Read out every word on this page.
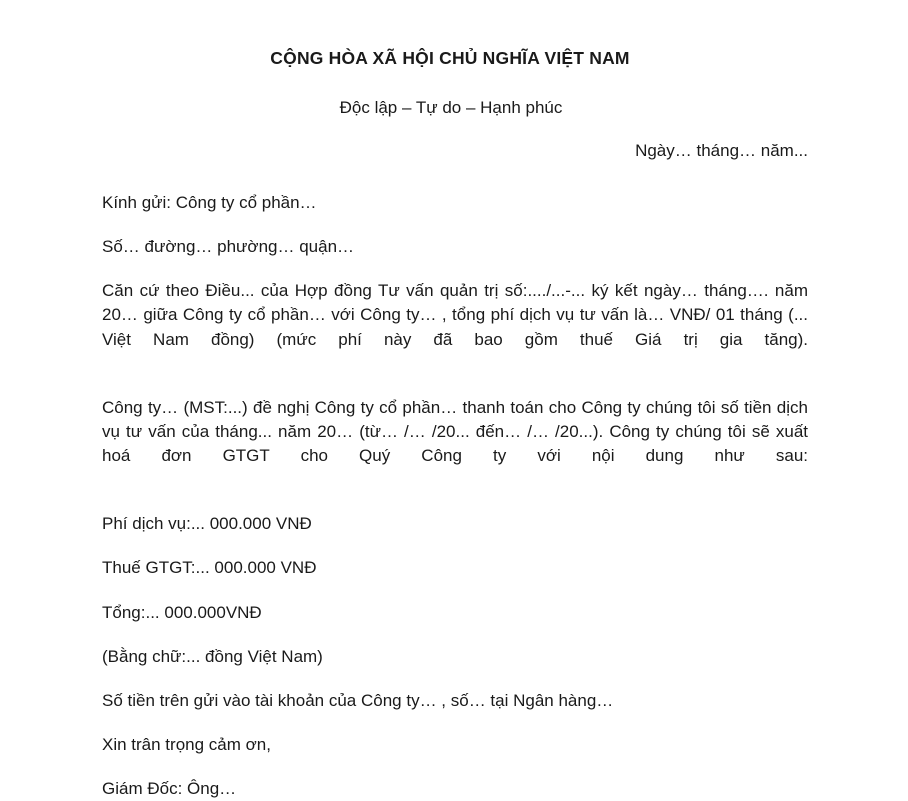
CỘNG HÒA XÃ HỘI CHỦ NGHĨA VIỆT NAM

Độc lập – Tự do – Hạnh phúc

Ngày… tháng… năm...

Kính gửi: Công ty cổ phần…

Số… đường… phường… quận…

Căn cứ theo Điều... của Hợp đồng Tư vấn quản trị số:..../...-... ký kết ngày… tháng…. năm 20… giữa Công ty cổ phần… với Công ty… , tổng phí dịch vụ tư vấn là… VNĐ/ 01 tháng (... Việt Nam đồng) (mức phí này đã bao gồm thuế Giá trị gia tăng).

Công ty… (MST:...) đề nghị Công ty cổ phần… thanh toán cho Công ty chúng tôi số tiền dịch vụ tư vấn của tháng... năm 20… (từ… /… /20... đến… /… /20...). Công ty chúng tôi sẽ xuất hoá đơn GTGT cho Quý Công ty với nội dung như sau:

Phí dịch vụ:... 000.000 VNĐ

Thuế GTGT:... 000.000 VNĐ

Tổng:... 000.000VNĐ

(Bằng chữ:... đồng Việt Nam)

Số tiền trên gửi vào tài khoản của Công ty… , số… tại Ngân hàng…

Xin trân trọng cảm ơn,

Giám Đốc: Ông…
